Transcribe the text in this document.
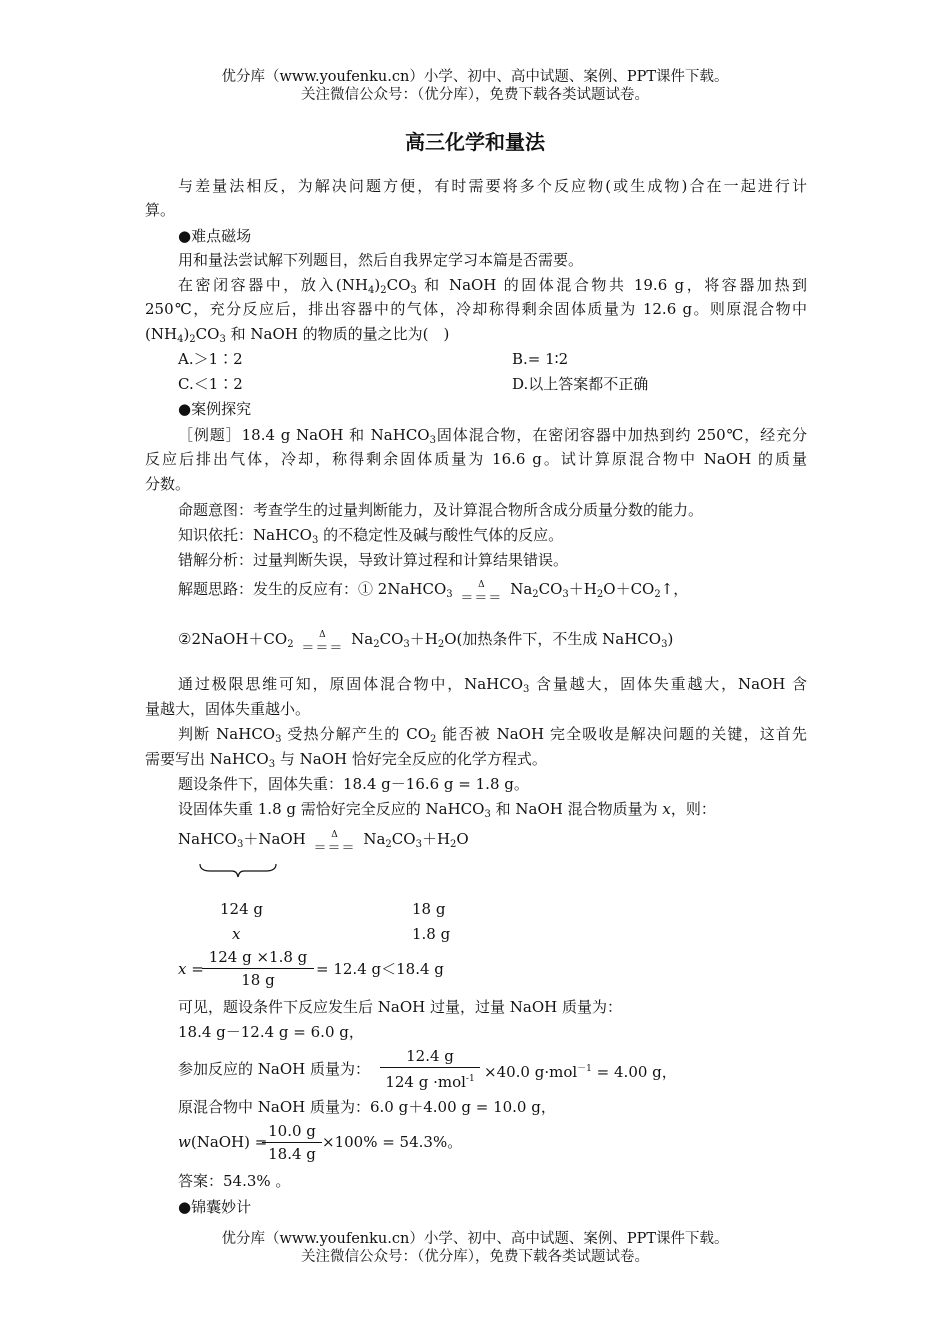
优分库（www.youfenku.cn）小学、初中、高中试题、案例、PPT课件下载。
关注微信公众号：（优分库），免费下载各类试题试卷。
高三化学和量法
与差量法相反，为解决问题方便，有时需要将多个反应物(或生成物)合在一起进行计
算。
●难点磁场
用和量法尝试解下列题目，然后自我界定学习本篇是否需要。
在密闭容器中，放入$(NH_4)_2CO_3$ 和 NaOH 的固体混合物共 19.6 g，将容器加热到
250℃，充分反应后，排出容器中的气体，冷却称得剩余固体质量为 12.6 g。则原混合物中
$(NH_4)_2CO_3$ 和 NaOH 的物质的量之比为(　)
A.＞1∶2	B.= 1∶2
C.＜1∶2	D.以上答案都不正确
●案例探究
［例题］18.4 g NaOH 和 NaHCO$_3$固体混合物，在密闭容器中加热到约 250℃，经充分
反应后排出气体，冷却，称得剩余固体质量为 16.6 g。试计算原混合物中 NaOH 的质量
分数。
命题意图：考查学生的过量判断能力，及计算混合物所含成分质量分数的能力。
知识依托：NaHCO$_3$ 的不稳定性及碱与酸性气体的反应。
错解分析：过量判断失误，导致计算过程和计算结果错误。
解题思路：发生的反应有：① 2NaHCO$_3$
Δ
＝＝＝
$Na_2CO_3+H_2O+CO_2↑$，
$②2NaOH+CO_2$
Δ
＝＝＝
$Na_2CO_3+H_2O$(加热条件下，不生成 NaHCO$_3$)
通过极限思维可知，原固体混合物中，NaHCO$_3$ 含量越大，固体失重越大，NaOH 含
量越大，固体失重越小。
判断 NaHCO$_3$ 受热分解产生的 $CO_2$ 能否被 NaOH 完全吸收是解决问题的关键，这首先
需要写出 NaHCO$_3$ 与 NaOH 恰好完全反应的化学方程式。
题设条件下，固体失重：18.4 g－16.6 g = 1.8 g。
设固体失重 1.8 g 需恰好完全反应的 NaHCO$_3$ 和 NaOH 混合物质量为 x，则：
NaHCO$_3$＋NaOH	Δ
＝＝＝
$Na_2CO_3+H_2O$
124 g	18 g
x	1.8 g
x =
124 g ×1.8 g
18 g
= 12.4 g＜18.4 g
可见，题设条件下反应发生后 NaOH 过量，过量 NaOH 质量为：
18.4 g－12.4 g = 6.0 g，
参加反应的 NaOH 质量为：
12.4 g
124 g ·mol$^{-1}$ ×40.0 g·mol$^{-1}$ = 4.00 g，
原混合物中 NaOH 质量为：6.0 g＋4.00 g = 10.0 g，
w(NaOH) =
10.0 g
18.4 g
×100% = 54.3%。
答案：54.3% 。
●锦囊妙计
优分库（www.youfenku.cn）小学、初中、高中试题、案例、PPT课件下载。
关注微信公众号：（优分库），免费下载各类试题试卷。
